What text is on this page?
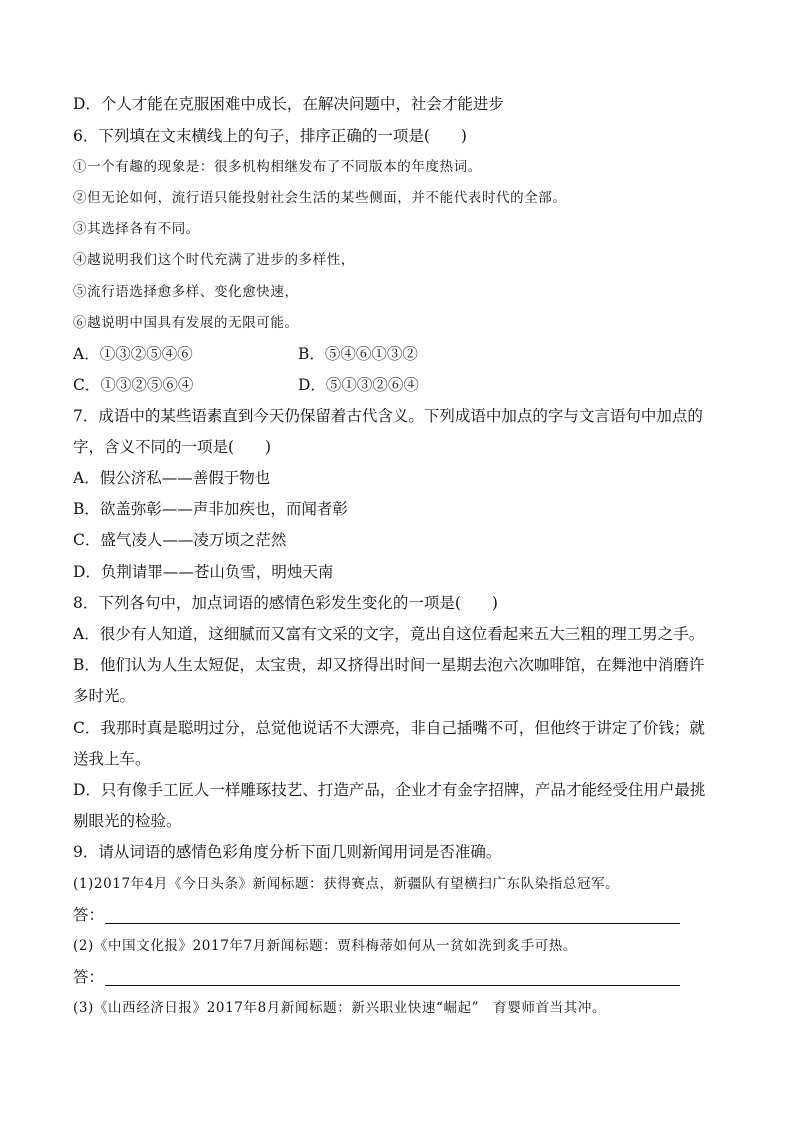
D．个人才能在克服困难中成长，在解决问题中，社会才能进步
6．下列填在文末横线上的句子，排序正确的一项是(　　)
①一个有趣的现象是：很多机构相继发布了不同版本的年度热词。
②但无论如何，流行语只能投射社会生活的某些侧面，并不能代表时代的全部。
③其选择各有不同。
④越说明我们这个时代充满了进步的多样性，
⑤流行语选择愈多样、变化愈快速，
⑥越说明中国具有发展的无限可能。
A．①③②⑤④⑥	B．⑤④⑥①③②
C．①③②⑤⑥④	D．⑤①③②⑥④
7．成语中的某些语素直到今天仍保留着古代含义。下列成语中加点的字与文言语句中加点的
字，含义不同的一项是(　　)
A．假公济私——善假于物也
B．欲盖弥彰——声非加疾也，而闻者彰
C．盛气凌人——凌万顷之茫然
D．负荆请罪——苍山负雪，明烛天南
8．下列各句中，加点词语的感情色彩发生变化的一项是(　　)
A．很少有人知道，这细腻而又富有文采的文字，竟出自这位看起来五大三粗的理工男之手。
B．他们认为人生太短促，太宝贵，却又挤得出时间一星期去泡六次咖啡馆，在舞池中消磨许
多时光。
C．我那时真是聪明过分，总觉他说话不大漂亮，非自己插嘴不可，但他终于讲定了价钱；就
送我上车。
D．只有像手工匠人一样雕琢技艺、打造产品，企业才有金字招牌，产品才能经受住用户最挑
剔眼光的检验。
9．请从词语的感情色彩角度分析下面几则新闻用词是否准确。
(1)2017年4月《今日头条》新闻标题：获得赛点，新疆队有望横扫广东队染指总冠军。
答：
(2)《中国文化报》2017年7月新闻标题：贾科梅蒂如何从一贫如洗到炙手可热。
答：
(3)《山西经济日报》2017年8月新闻标题：新兴职业快速“崛起”　育婴师首当其冲。
